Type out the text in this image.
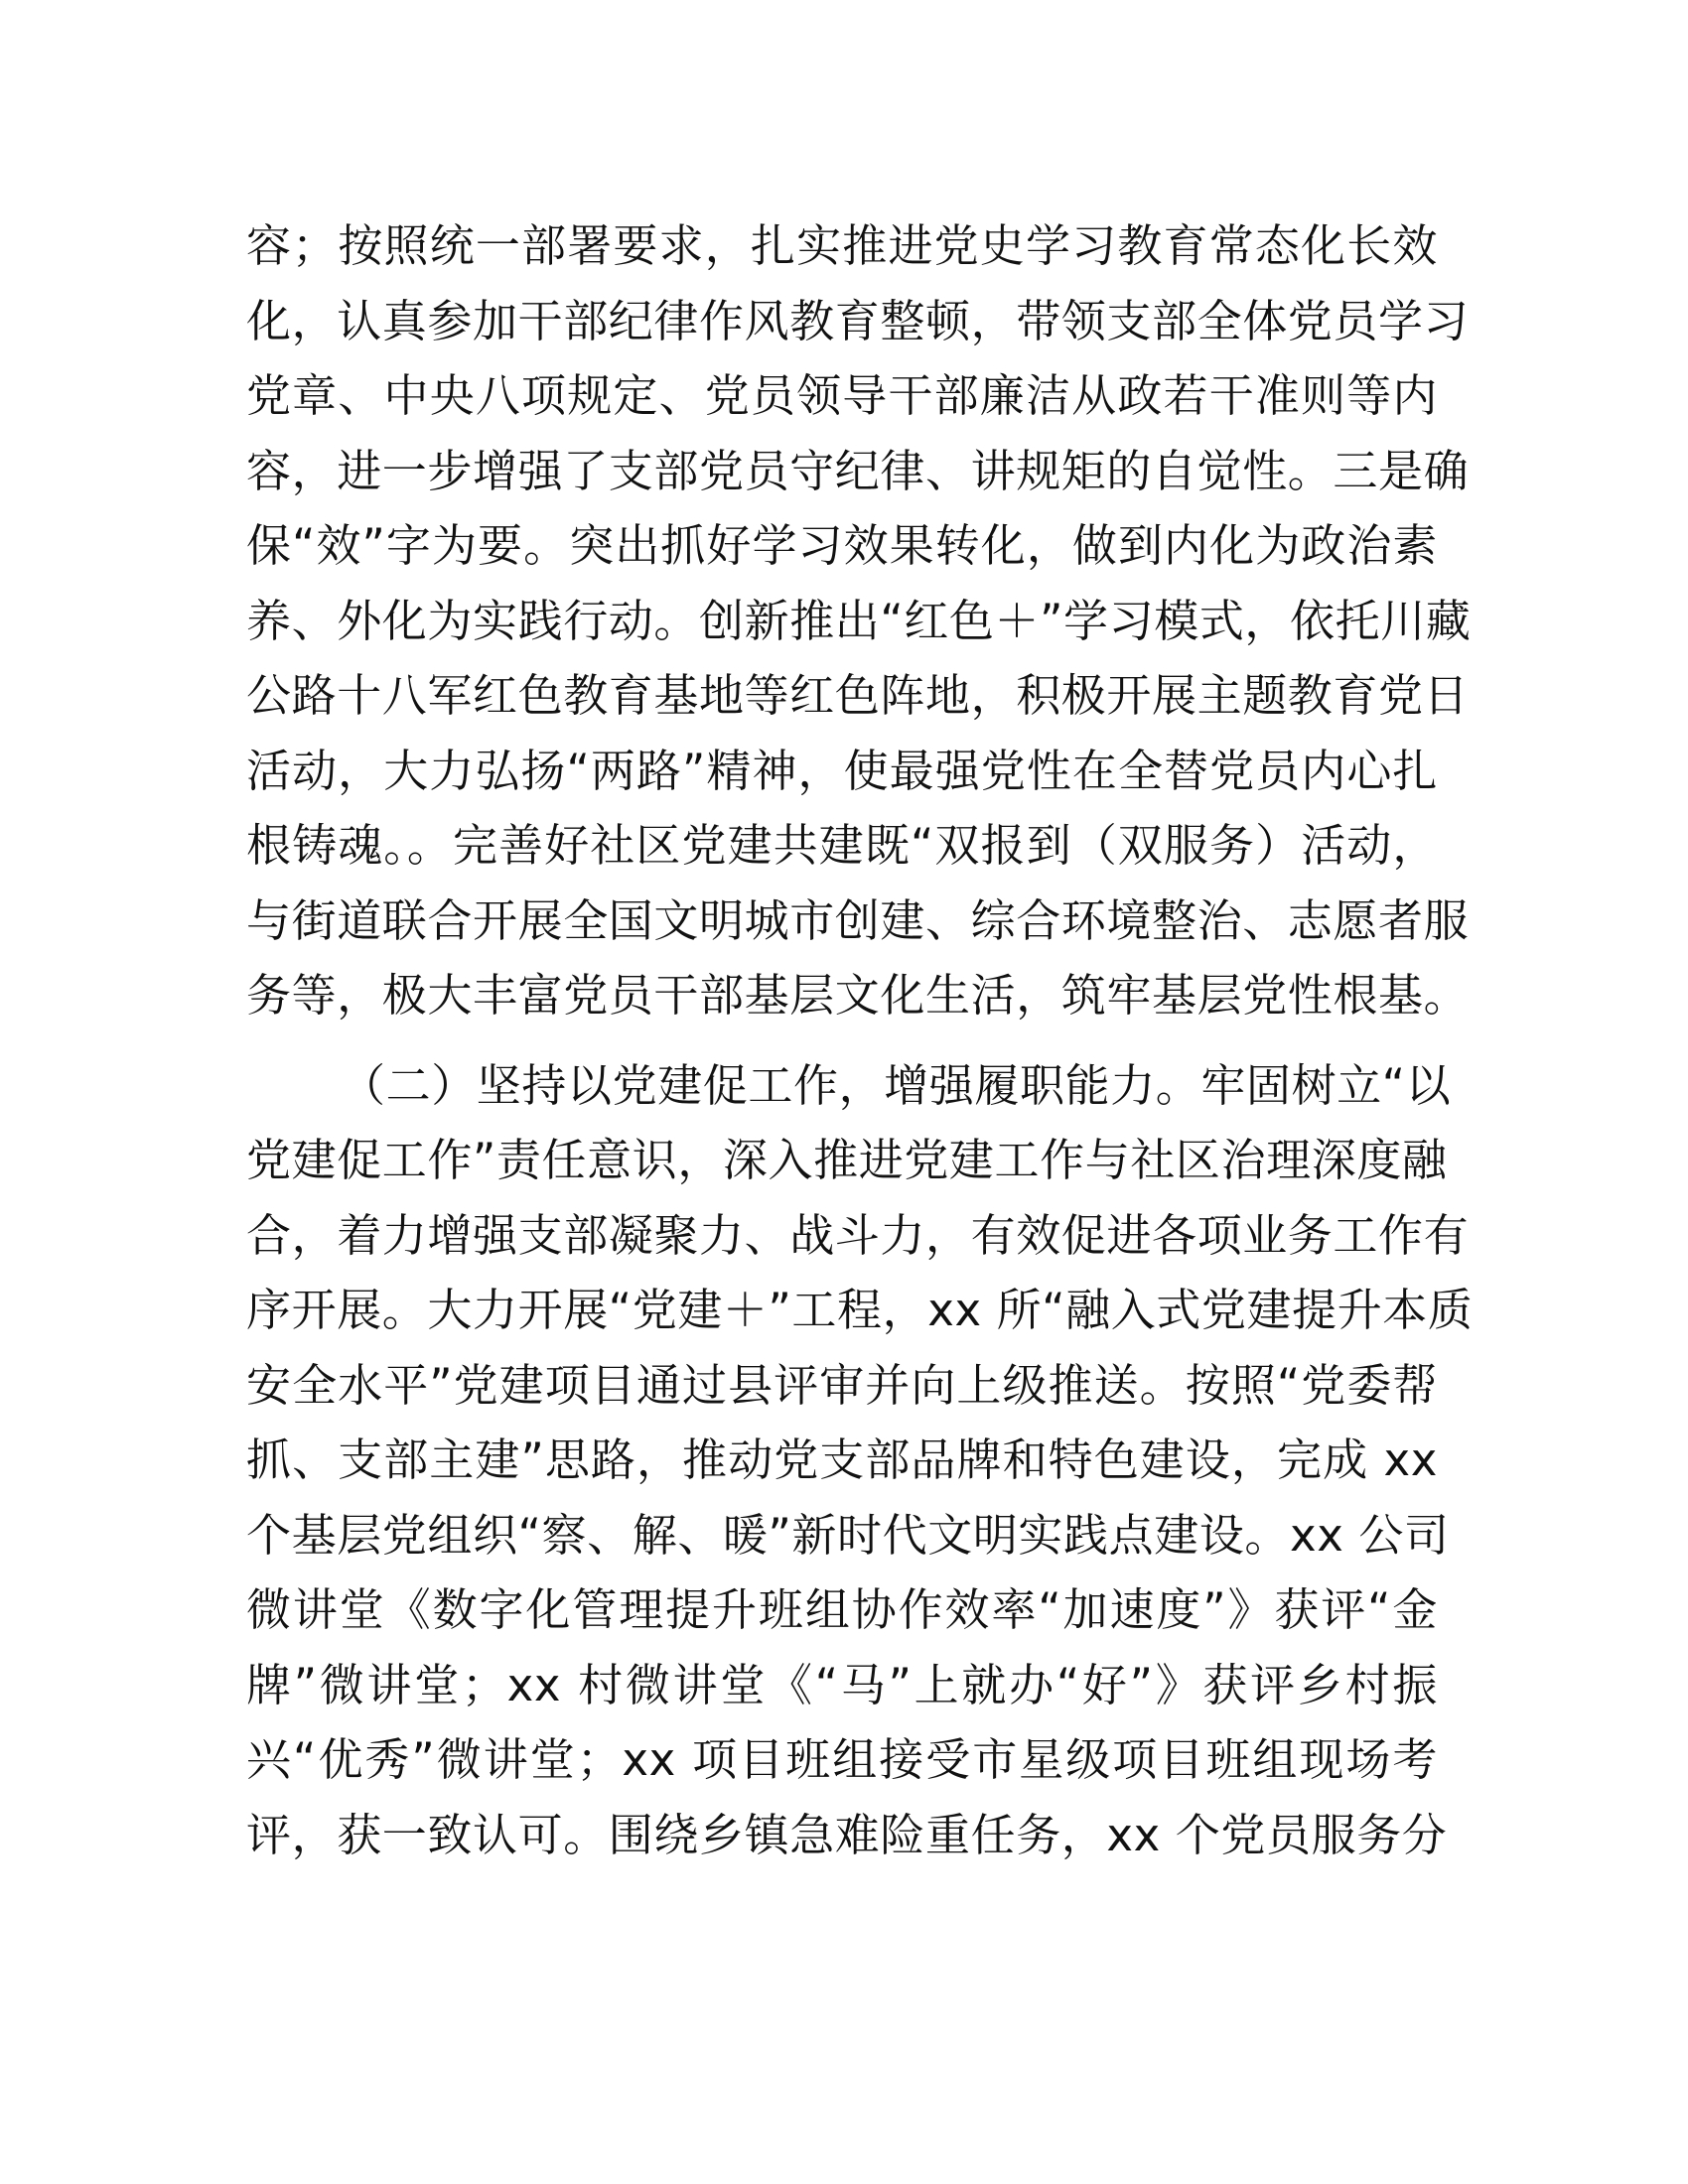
容；按照统一部署要求，扎实推进党史学习教育常态化长效
化，认真参加干部纪律作风教育整顿，带领支部全体党员学习
党章、中央八项规定、党员领导干部廉洁从政若干准则等内
容，进一步增强了支部党员守纪律、讲规矩的自觉性。三是确
保“效”字为要。突出抓好学习效果转化，做到内化为政治素
养、外化为实践行动。创新推出“红色＋”学习模式，依托川藏
公路十八军红色教育基地等红色阵地，积极开展主题教育党日
活动，大力弘扬“两路”精神，使最强党性在全替党员内心扎
根铸魂。。完善好社区党建共建既“双报到（双服务）活动，
与街道联合开展全国文明城市创建、综合环境整治、志愿者服
务等，极大丰富党员干部基层文化生活，筑牢基层党性根基。
（二）坚持以党建促工作，增强履职能力。牢固树立“以
党建促工作”责任意识，深入推进党建工作与社区治理深度融
合，着力增强支部凝聚力、战斗力，有效促进各项业务工作有
序开展。大力开展“党建＋”工程，xx 所“融入式党建提升本质
安全水平”党建项目通过县评审并向上级推送。按照“党委帮
抓、支部主建”思路，推动党支部品牌和特色建设，完成 xx
个基层党组织“察、解、暖”新时代文明实践点建设。xx 公司
微讲堂《数字化管理提升班组协作效率“加速度”》获评“金
牌”微讲堂；xx 村微讲堂《“马”上就办“好”》获评乡村振
兴“优秀”微讲堂；xx 项目班组接受市星级项目班组现场考
评，获一致认可。围绕乡镇急难险重任务，xx 个党员服务分
